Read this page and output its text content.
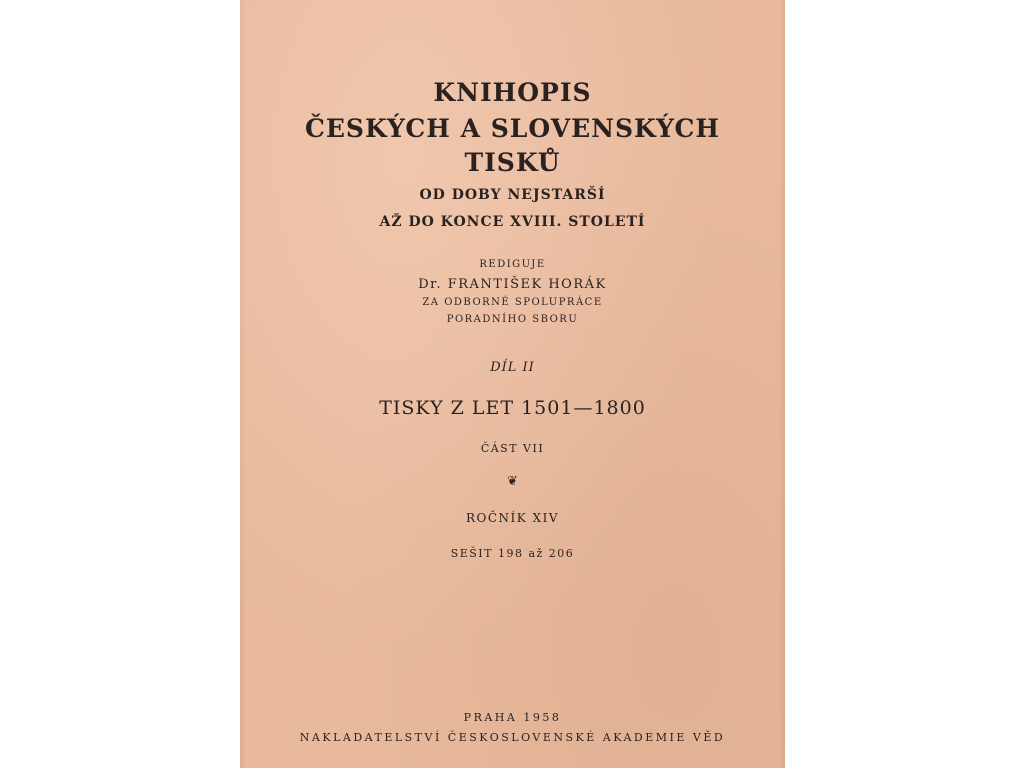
KNIHOPIS
ČESKÝCH A SLOVENSKÝCH
TISKŮ
OD DOBY NEJSTARŠÍ
AŽ DO KONCE XVIII. STOLETÍ
REDIGUJE
Dr. FRANTIŠEK HORÁK
ZA ODBORNÉ SPOLUPRÁCE
PORADNÍHO SBORU
DÍL II
TISKY Z LET 1501—1800
ČÁST VII
❦
ROČNÍK XIV
SEŠIT 198 až 206
PRAHA 1958
NAKLADATELSTVÍ ČESKOSLOVENSKÉ AKADEMIE VĚD
